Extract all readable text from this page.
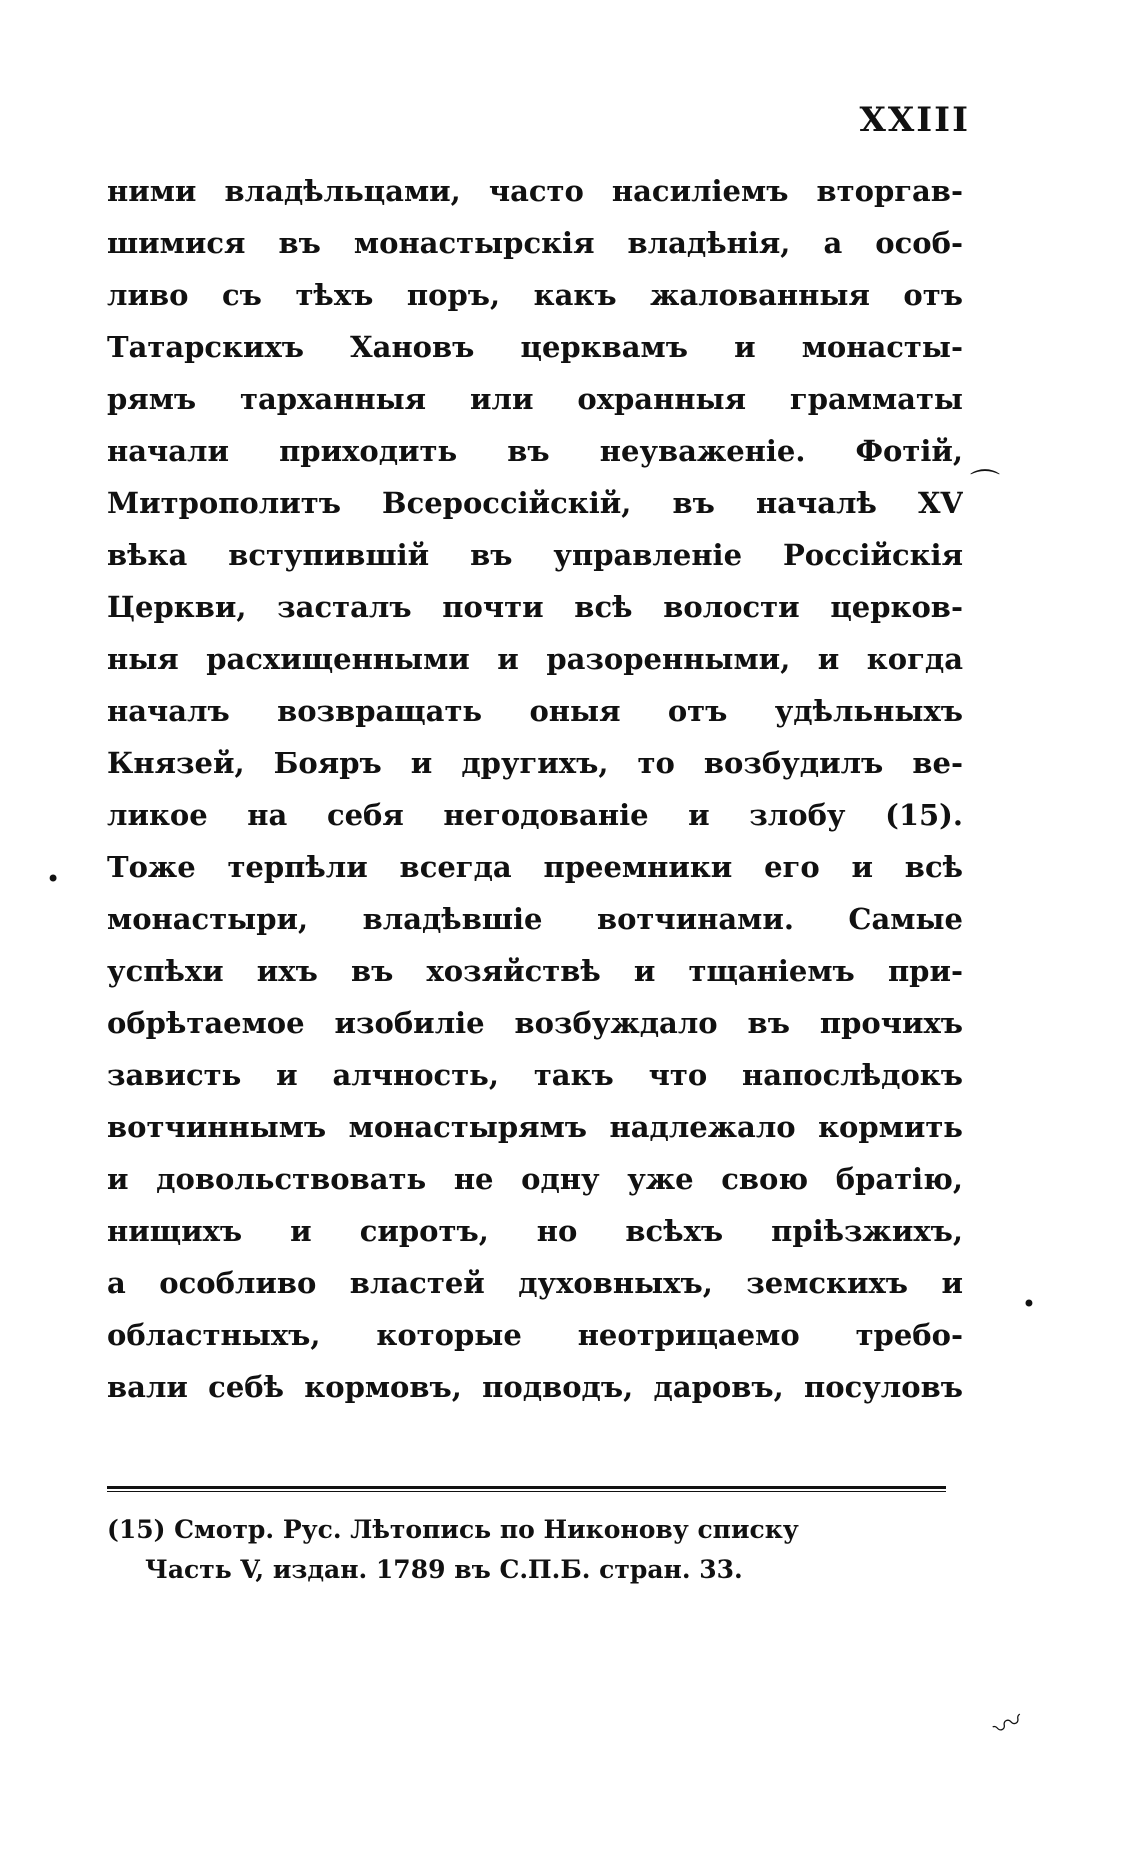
XXIII
ними владѣльцами, часто насиліемъ вторгав-
шимися въ монастырскія владѣнія, а особ-
ливо съ тѣхъ поръ, какъ жалованныя отъ
Татарскихъ Хановъ церквамъ и монасты-
рямъ тарханныя или охранныя грамматы
начали приходить въ неуваженіе. Фотій,
Митрополитъ Всероссійскій, въ началѣ XV
вѣка вступившій въ управленіе Россійскія
Церкви, засталъ почти всѣ волости церков-
ныя расхищенными и разоренными, и когда
началъ возвращать оныя отъ удѣльныхъ
Князей, Бояръ и другихъ, то возбудилъ ве-
ликое на себя негодованіе и злобу (15).
Тоже терпѣли всегда преемники его и всѣ
монастыри, владѣвшіе вотчинами. Самые
успѣхи ихъ въ хозяйствѣ и тщаніемъ при-
обрѣтаемое изобиліе возбуждало въ прочихъ
зависть и алчность, такъ что напослѣдокъ
вотчиннымъ монастырямъ надлежало кормить
и довольствовать не одну уже свою братію,
нищихъ и сиротъ, но всѣхъ пріѣзжихъ,
а особливо властей духовныхъ, земскихъ и
областныхъ, которые неотрицаемо требо-
вали себѣ кормовъ, подводъ, даровъ, посуловъ
(15) Смотр. Рус. Лѣтопись по Никонову списку
Часть V, издан. 1789 въ С.П.Б. стран. 33.
⌒
•
•
〰
